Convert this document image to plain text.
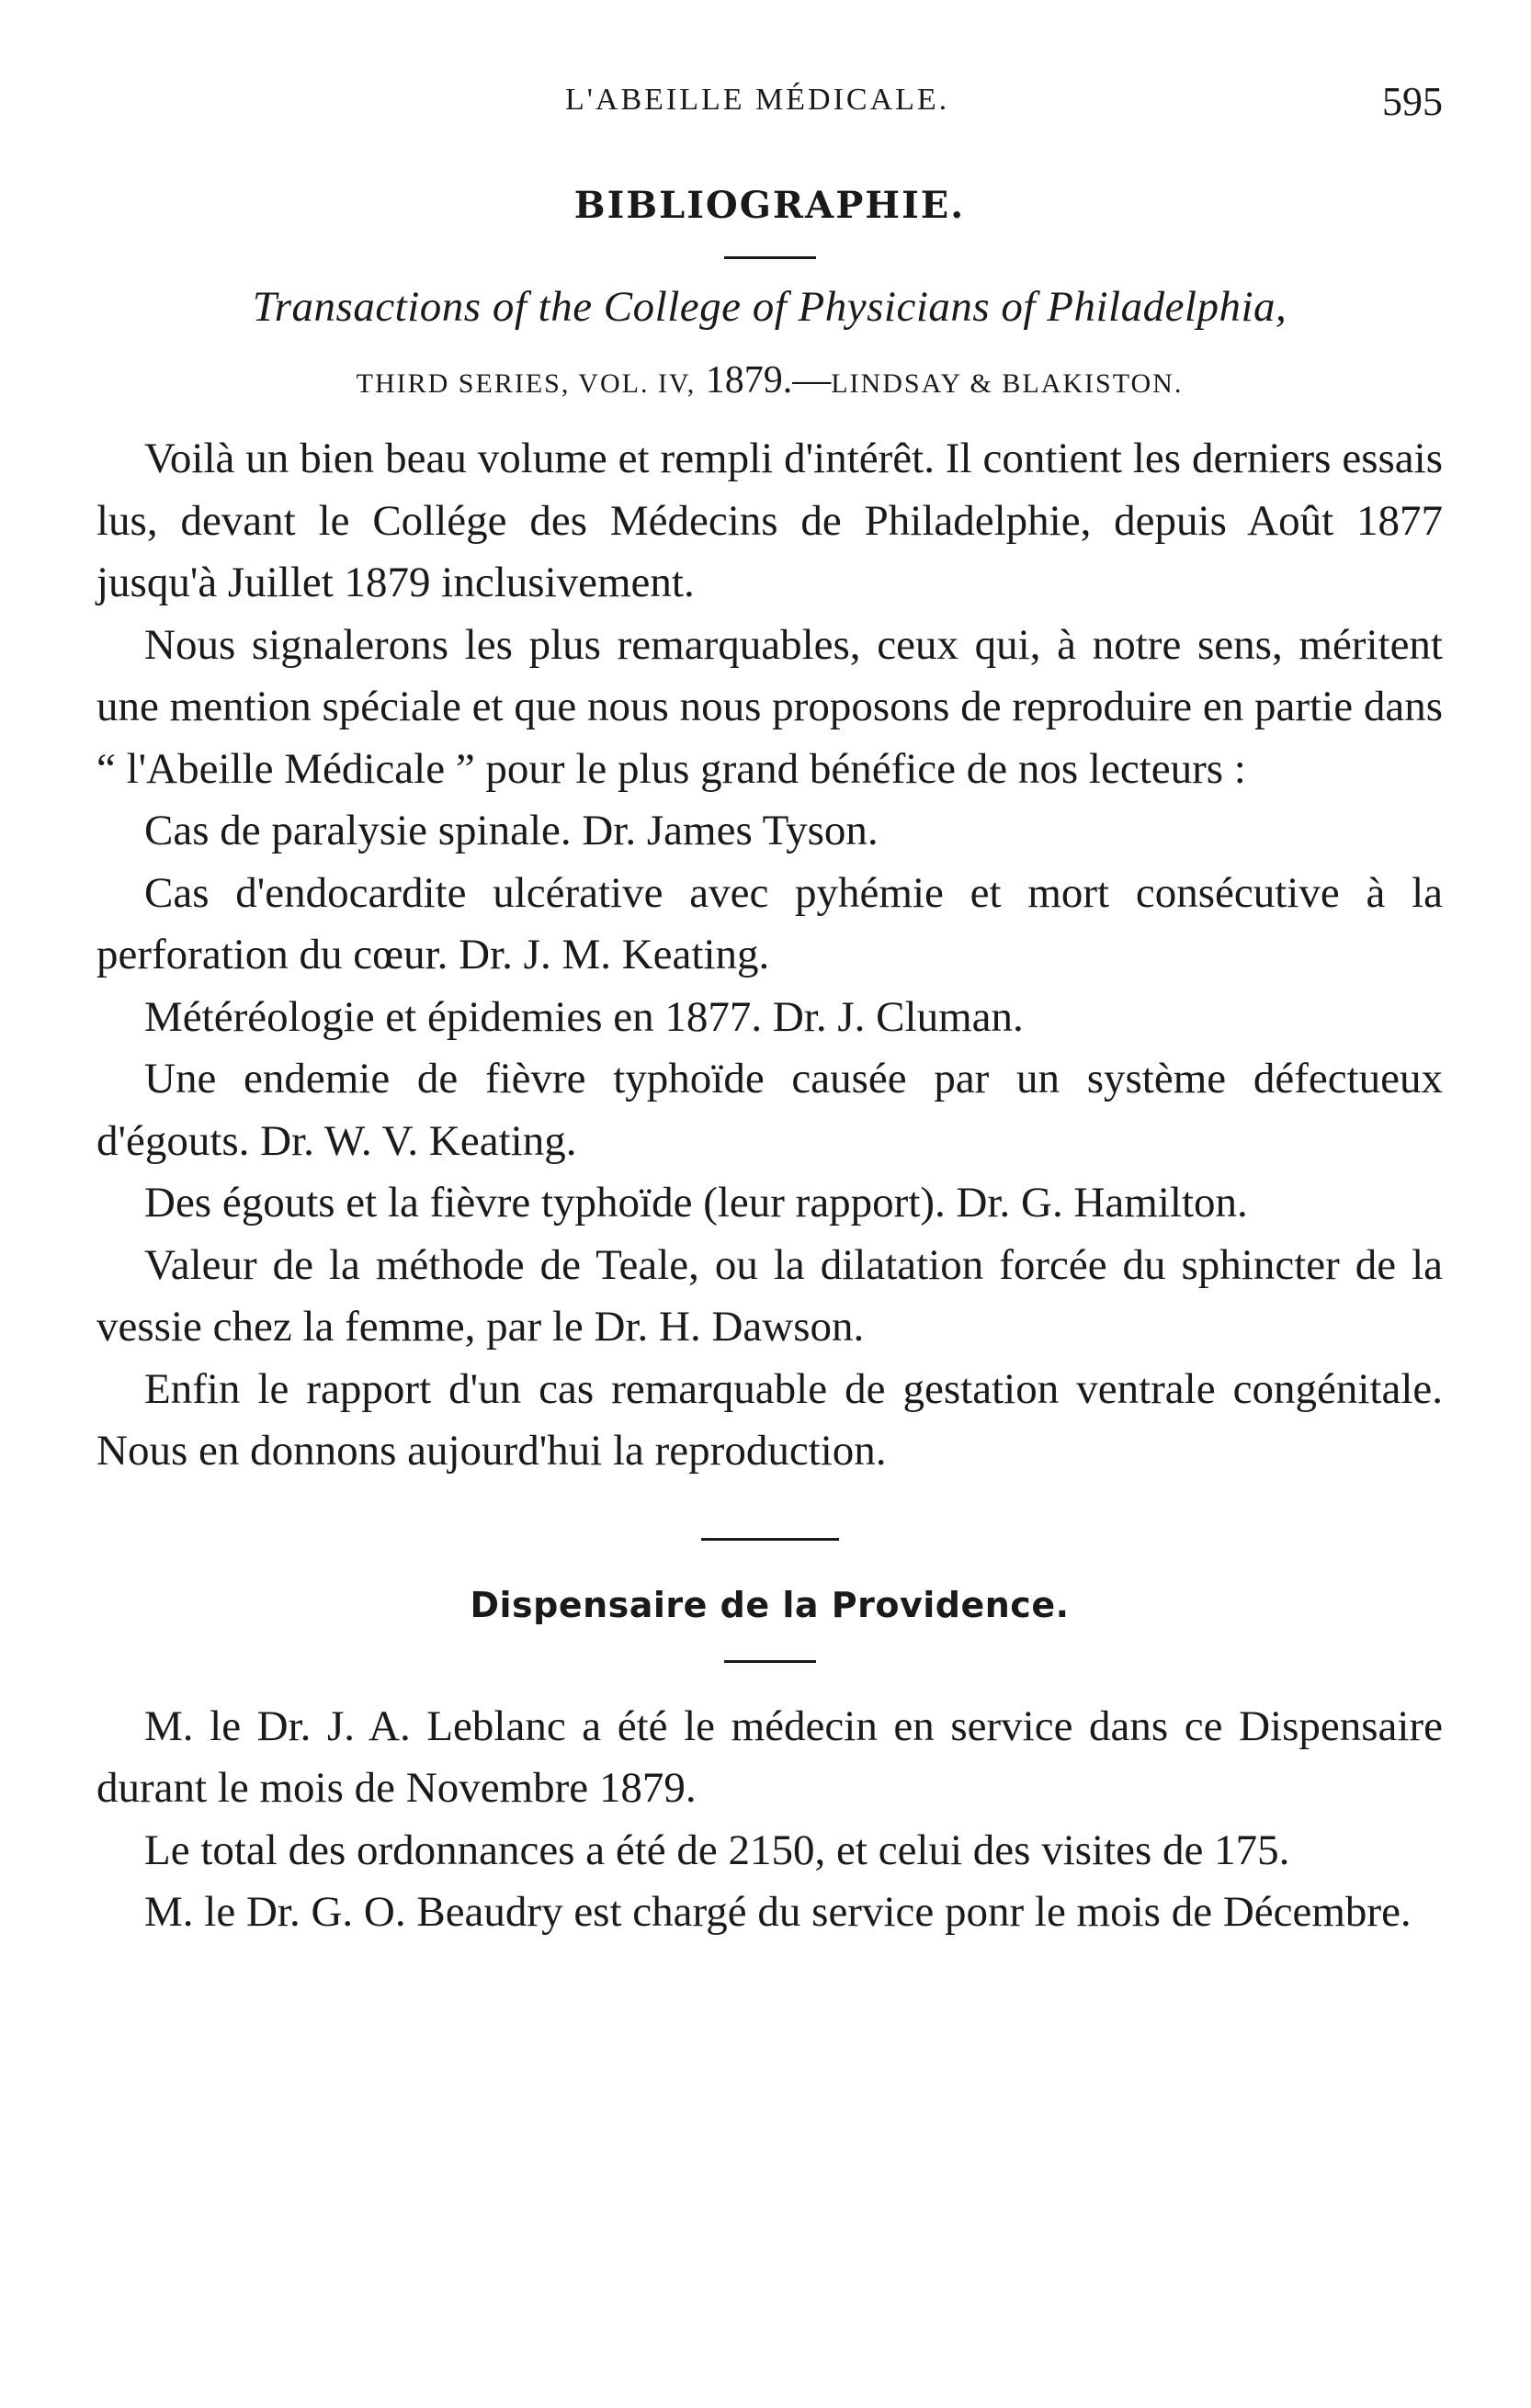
L'ABEILLE MÉDICALE.	595
BIBLIOGRAPHIE.
Transactions of the College of Physicians of Philadelphia,
THIRD SERIES, VOL. IV, 1879.—LINDSAY & BLAKISTON.

Voilà un bien beau volume et rempli d'intérêt. Il contient les derniers essais lus, devant le Collége des Médecins de Philadelphie, depuis Août 1877 jusqu'à Juillet 1879 inclusivement.

Nous signalerons les plus remarquables, ceux qui, à notre sens, méritent une mention spéciale et que nous nous proposons de reproduire en partie dans “ l'Abeille Médicale ” pour le plus grand bénéfice de nos lecteurs :

Cas de paralysie spinale. Dr. James Tyson.

Cas d'endocardite ulcérative avec pyhémie et mort consécutive à la perforation du cœur. Dr. J. M. Keating.

Météréologie et épidemies en 1877. Dr. J. Cluman.

Une endemie de fièvre typhoïde causée par un système défectueux d'égouts. Dr. W. V. Keating.

Des égouts et la fièvre typhoïde (leur rapport). Dr. G. Hamilton.

Valeur de la méthode de Teale, ou la dilatation forcée du sphincter de la vessie chez la femme, par le Dr. H. Dawson.

Enfin le rapport d'un cas remarquable de gestation ventrale congénitale. Nous en donnons aujourd'hui la reproduction.

Dispensaire de la Providence.

M. le Dr. J. A. Leblanc a été le médecin en service dans ce Dispensaire durant le mois de Novembre 1879.

Le total des ordonnances a été de 2150, et celui des visites de 175.

M. le Dr. G. O. Beaudry est chargé du service ponr le mois de Décembre.
